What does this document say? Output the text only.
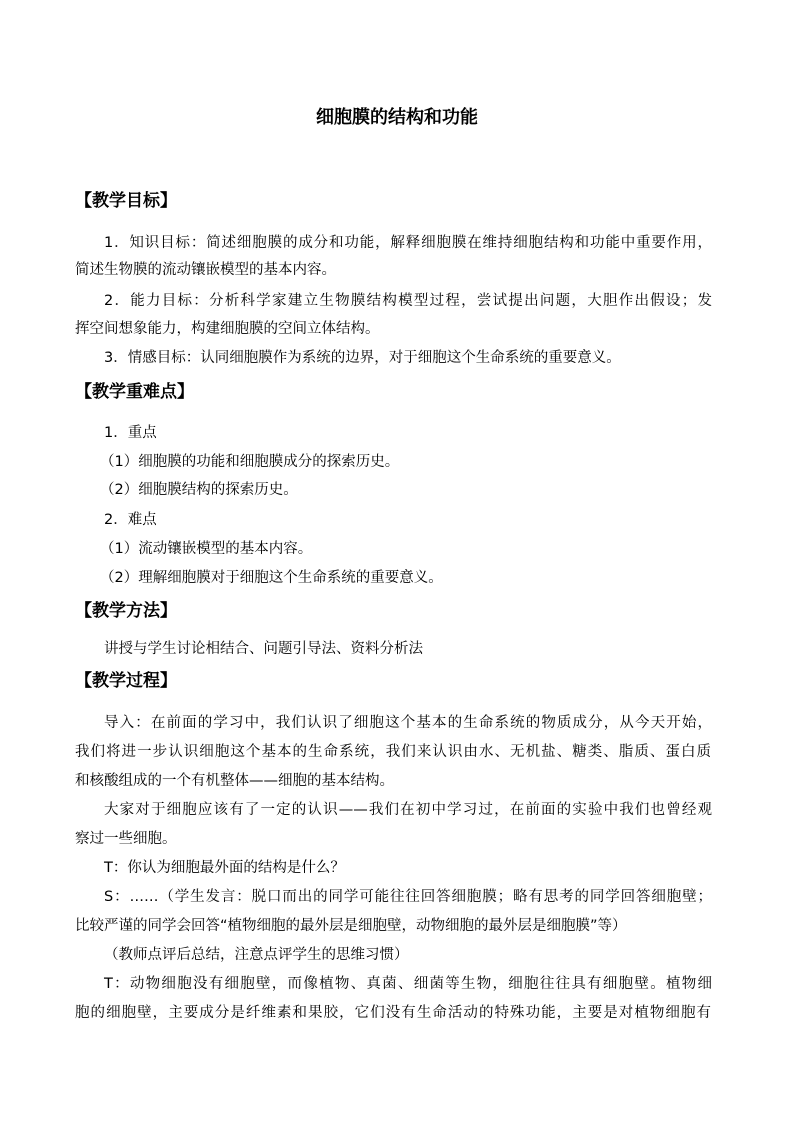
细胞膜的结构和功能
【教学目标】
1．知识目标：简述细胞膜的成分和功能，解释细胞膜在维持细胞结构和功能中重要作用，
简述生物膜的流动镶嵌模型的基本内容。
2．能力目标：分析科学家建立生物膜结构模型过程，尝试提出问题，大胆作出假设；发
挥空间想象能力，构建细胞膜的空间立体结构。
3．情感目标：认同细胞膜作为系统的边界，对于细胞这个生命系统的重要意义。
【教学重难点】
1．重点
（1）细胞膜的功能和细胞膜成分的探索历史。
（2）细胞膜结构的探索历史。
2．难点
（1）流动镶嵌模型的基本内容。
（2）理解细胞膜对于细胞这个生命系统的重要意义。
【教学方法】
讲授与学生讨论相结合、问题引导法、资料分析法
【教学过程】
导入：在前面的学习中，我们认识了细胞这个基本的生命系统的物质成分，从今天开始，
我们将进一步认识细胞这个基本的生命系统，我们来认识由水、无机盐、糖类、脂质、蛋白质
和核酸组成的一个有机整体——细胞的基本结构。
大家对于细胞应该有了一定的认识——我们在初中学习过，在前面的实验中我们也曾经观
察过一些细胞。
T：你认为细胞最外面的结构是什么？
S：……（学生发言：脱口而出的同学可能往往回答细胞膜；略有思考的同学回答细胞壁；
比较严谨的同学会回答“植物细胞的最外层是细胞壁，动物细胞的最外层是细胞膜”等）
（教师点评后总结，注意点评学生的思维习惯）
T：动物细胞没有细胞壁，而像植物、真菌、细菌等生物，细胞往往具有细胞壁。植物细
胞的细胞壁，主要成分是纤维素和果胶，它们没有生命活动的特殊功能，主要是对植物细胞有
